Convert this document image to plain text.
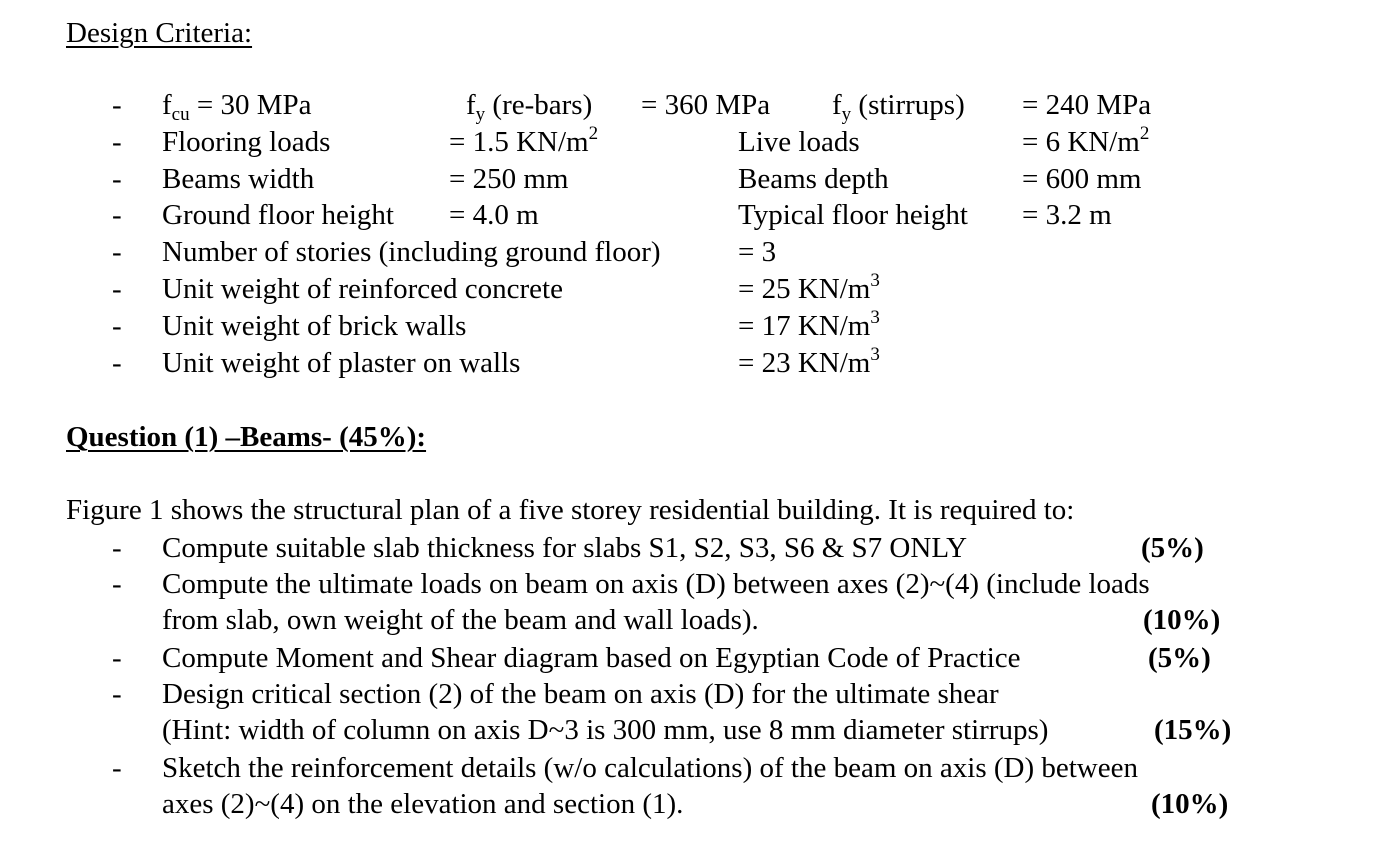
Design Criteria:
- $f_{cu} = 30$ MPa	$f_y$ (re-bars) = 360 MPa $f_y$ (stirrups) = 240 MPa
- Flooring loads	= 1.5 $KN/m^2$	Live loads	= 6 $KN/m^2$
- Beams width	= 250 mm	Beams depth	= 600 mm
- Ground floor height = 4.0 m	Typical floor height = 3.2 m
- Number of stories (including ground floor)	= 3
- Unit weight of reinforced concrete	= 25 $KN/m^3$
- Unit weight of brick walls	= 17 $KN/m^3$
- Unit weight of plaster on walls	= 23 $KN/m^3$
Question (1) –Beams- (45%):
Figure 1 shows the structural plan of a five storey residential building. It is required to:
- Compute suitable slab thickness for slabs S1, S2, S3, S6 & S7 ONLY	(5%)
- Compute the ultimate loads on beam on axis (D) between axes (2)~(4) (include loads
from slab, own weight of the beam and wall loads).	(10%)
- Compute Moment and Shear diagram based on Egyptian Code of Practice	(5%)
- Design critical section (2) of the beam on axis (D) for the ultimate shear
(Hint: width of column on axis D~3 is 300 mm, use 8 mm diameter stirrups)	(15%)
- Sketch the reinforcement details (w/o calculations) of the beam on axis (D) between
axes (2)~(4) on the elevation and section (1).	(10%)
